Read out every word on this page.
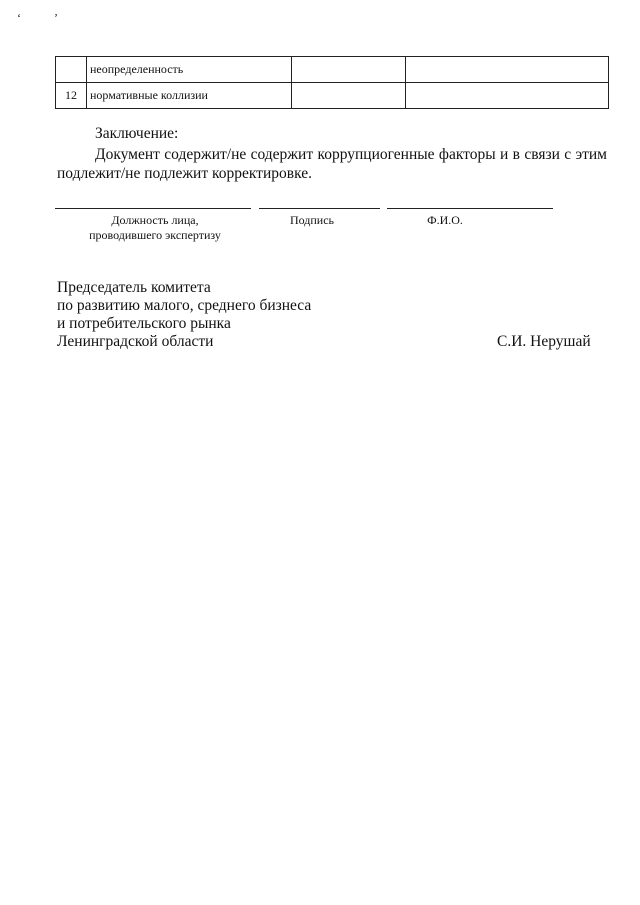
ʻ	ʼ
	неопределенность		
12	нормативные коллизии		
Заключение:

Документ содержит/не содержит коррупциогенные факторы и в связи с этим подлежит/не подлежит корректировке.

Должность лица,
проводившего экспертизу
Подпись	Ф.И.О.
Председатель комитета
по развитию малого, среднего бизнеса
и потребительского рынка
Ленинградской области	С.И. Нерушай
